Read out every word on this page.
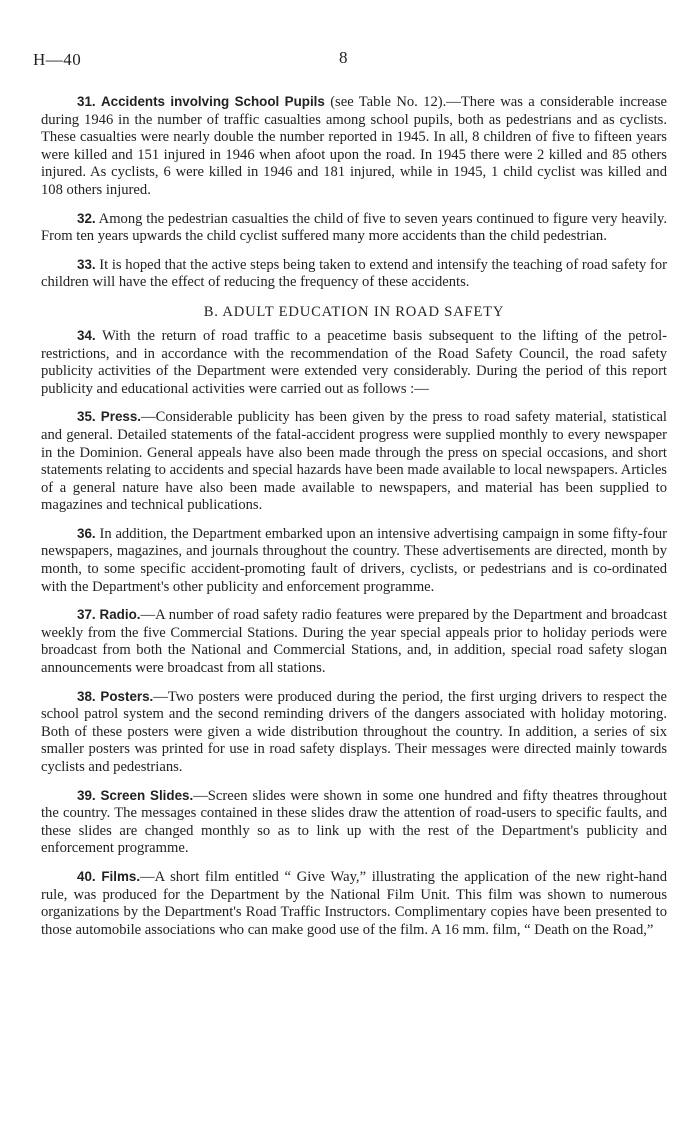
H—40	8

31. Accidents involving School Pupils (see Table No. 12).—There was a considerable increase during 1946 in the number of traffic casualties among school pupils, both as pedestrians and as cyclists. These casualties were nearly double the number reported in 1945. In all, 8 children of five to fifteen years were killed and 151 injured in 1946 when afoot upon the road. In 1945 there were 2 killed and 85 others injured. As cyclists, 6 were killed in 1946 and 181 injured, while in 1945, 1 child cyclist was killed and 108 others injured.

32. Among the pedestrian casualties the child of five to seven years continued to figure very heavily. From ten years upwards the child cyclist suffered many more accidents than the child pedestrian.

33. It is hoped that the active steps being taken to extend and intensify the teaching of road safety for children will have the effect of reducing the frequency of these accidents.

B. ADULT EDUCATION IN ROAD SAFETY

34. With the return of road traffic to a peacetime basis subsequent to the lifting of the petrol-restrictions, and in accordance with the recommendation of the Road Safety Council, the road safety publicity activities of the Department were extended very considerably. During the period of this report publicity and educational activities were carried out as follows :—

35. Press.—Considerable publicity has been given by the press to road safety material, statistical and general. Detailed statements of the fatal-accident progress were supplied monthly to every newspaper in the Dominion. General appeals have also been made through the press on special occasions, and short statements relating to accidents and special hazards have been made available to local newspapers. Articles of a general nature have also been made available to newspapers, and material has been supplied to magazines and technical publications.

36. In addition, the Department embarked upon an intensive advertising campaign in some fifty-four newspapers, magazines, and journals throughout the country. These advertisements are directed, month by month, to some specific accident-promoting fault of drivers, cyclists, or pedestrians and is co-ordinated with the Department's other publicity and enforcement programme.

37. Radio.—A number of road safety radio features were prepared by the Department and broadcast weekly from the five Commercial Stations. During the year special appeals prior to holiday periods were broadcast from both the National and Commercial Stations, and, in addition, special road safety slogan announcements were broadcast from all stations.

38. Posters.—Two posters were produced during the period, the first urging drivers to respect the school patrol system and the second reminding drivers of the dangers associated with holiday motoring. Both of these posters were given a wide distribution throughout the country. In addition, a series of six smaller posters was printed for use in road safety displays. Their messages were directed mainly towards cyclists and pedestrians.

39. Screen Slides.—Screen slides were shown in some one hundred and fifty theatres throughout the country. The messages contained in these slides draw the attention of road-users to specific faults, and these slides are changed monthly so as to link up with the rest of the Department's publicity and enforcement programme.

40. Films.—A short film entitled “ Give Way,” illustrating the application of the new right-hand rule, was produced for the Department by the National Film Unit. This film was shown to numerous organizations by the Department's Road Traffic Instructors. Complimentary copies have been presented to those automobile associations who can make good use of the film. A 16 mm. film, “ Death on the Road,”
